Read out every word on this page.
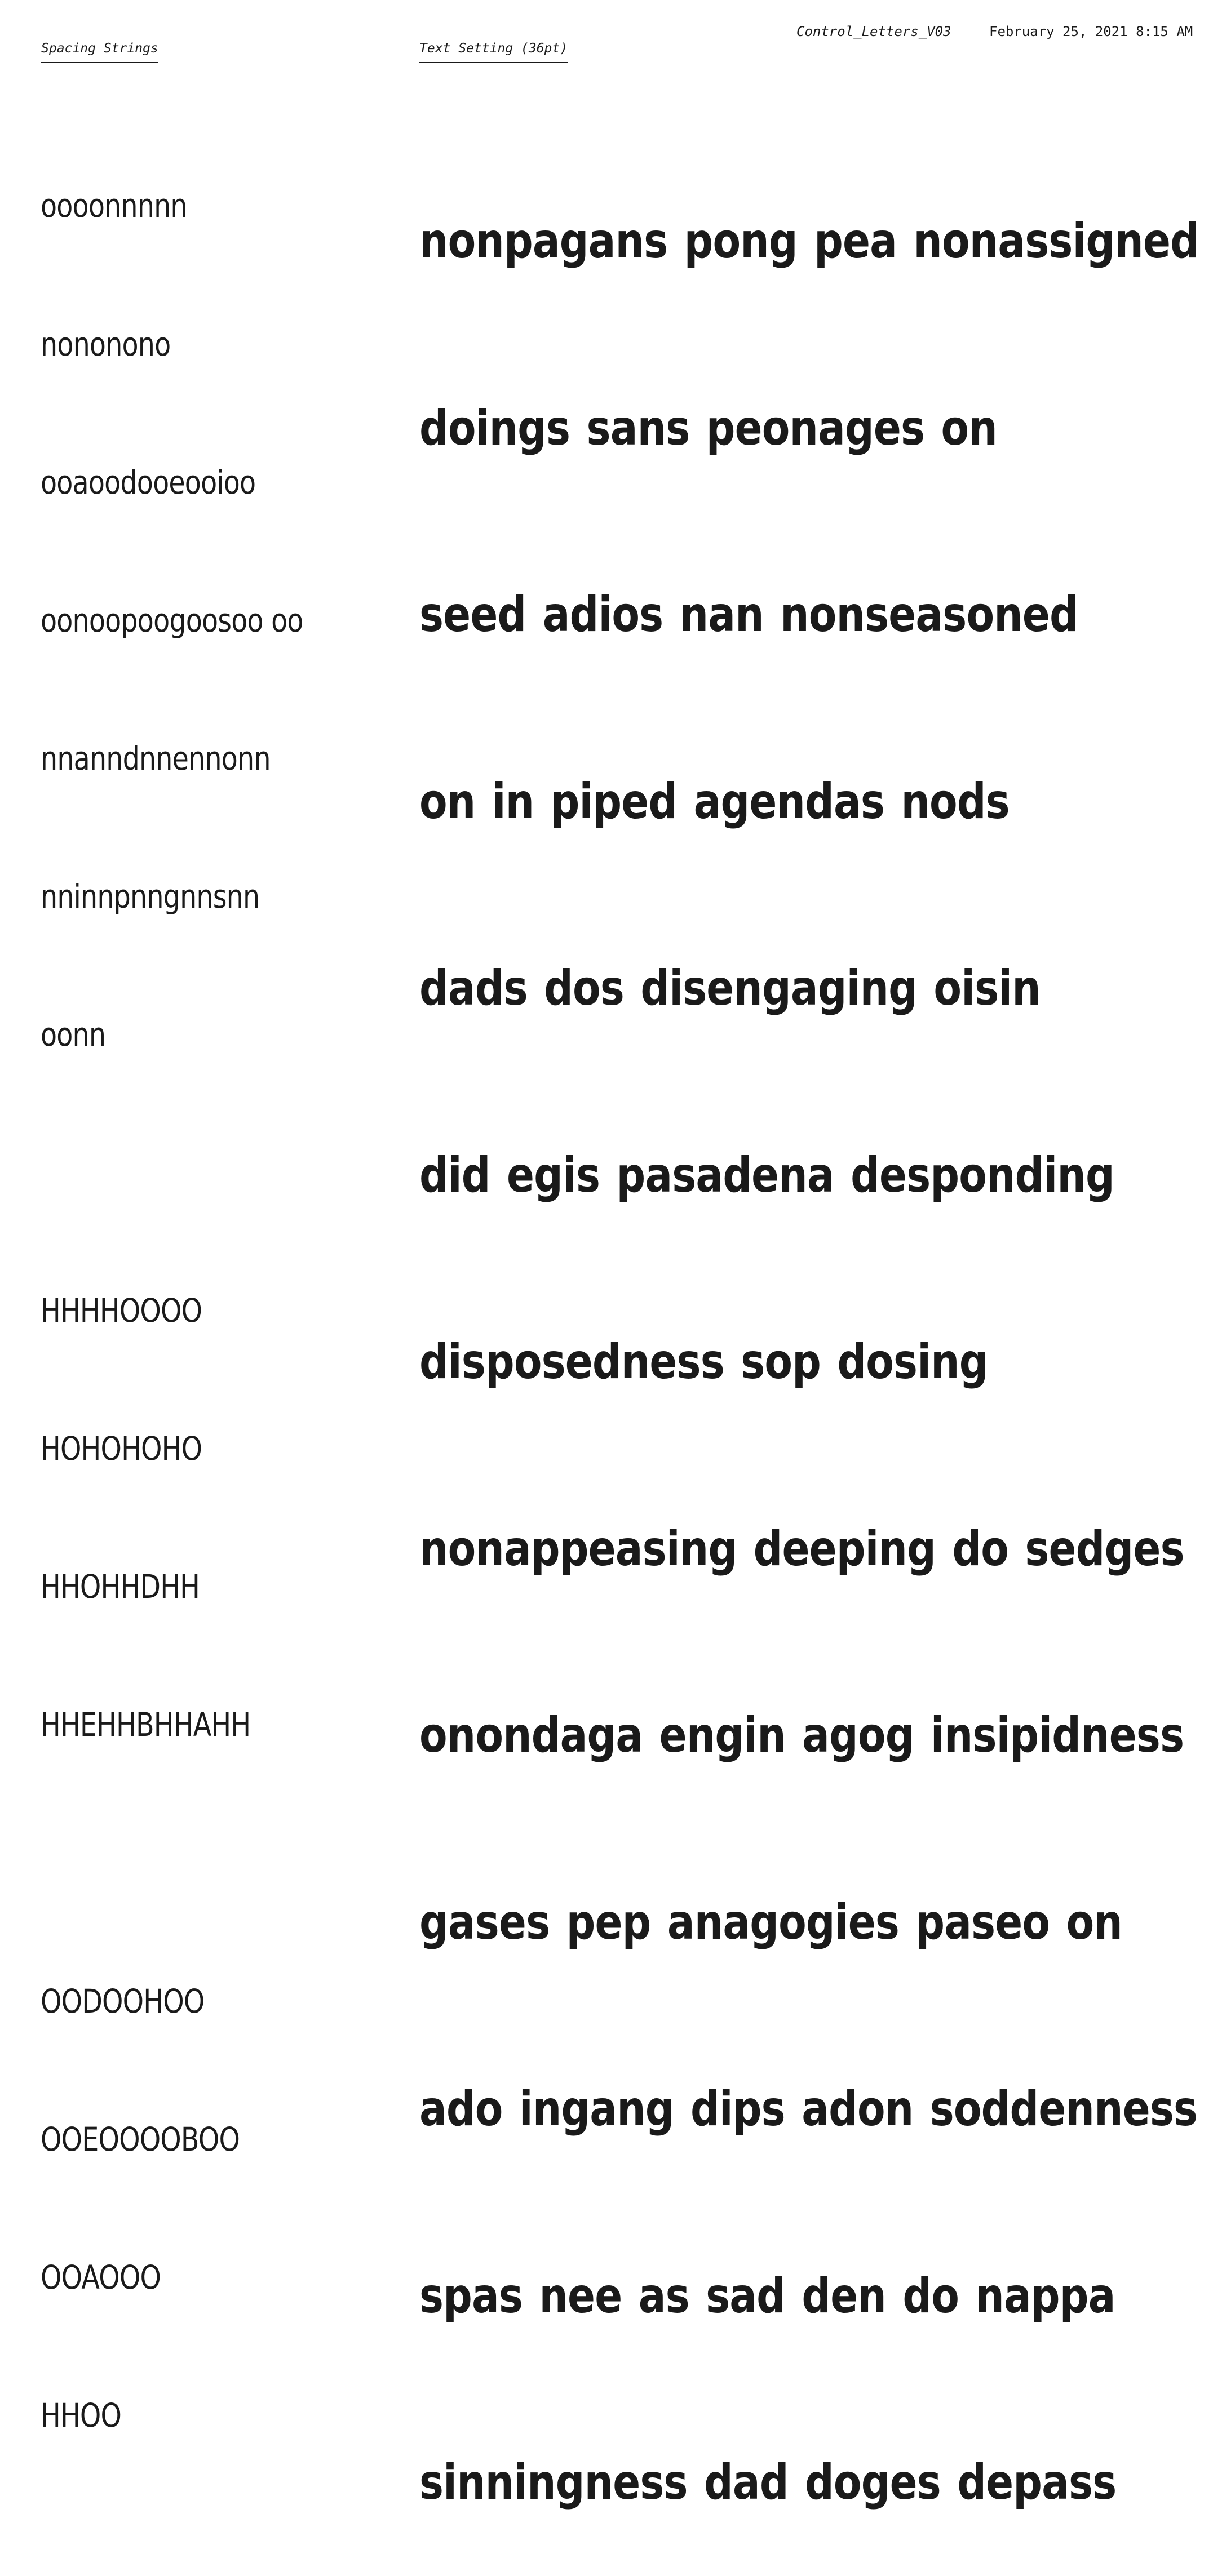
Control_Letters_V03	February 25, 2021 8:15 AM
Spacing Strings	Text Setting (36pt)

oooonnnnn

nononono

ooaoodooeooioo

oonoopoogoosoo oo

nnanndnnennonn

nninnpnngnnsnn

oonn

HHHHOOOO

HOHOHOHO

HHOHHDHH

HHEHHBHHAHH

OODOOHOO

OOEOOOOBOO

OOAOOO

HHOO

nonpagans pong pea nonassigned

doings sans peonages on

seed adios nan nonseasoned

on in piped agendas nods

dads dos disengaging oisin

did egis pasadena desponding

disposedness sop dosing

nonappeasing deeping do sedges

onondaga engin agog insipidness

gases pep anagogies paseo on

ado ingang dips adon soddenness

spas nee as sad den do nappa

sinningness dad doges depass
